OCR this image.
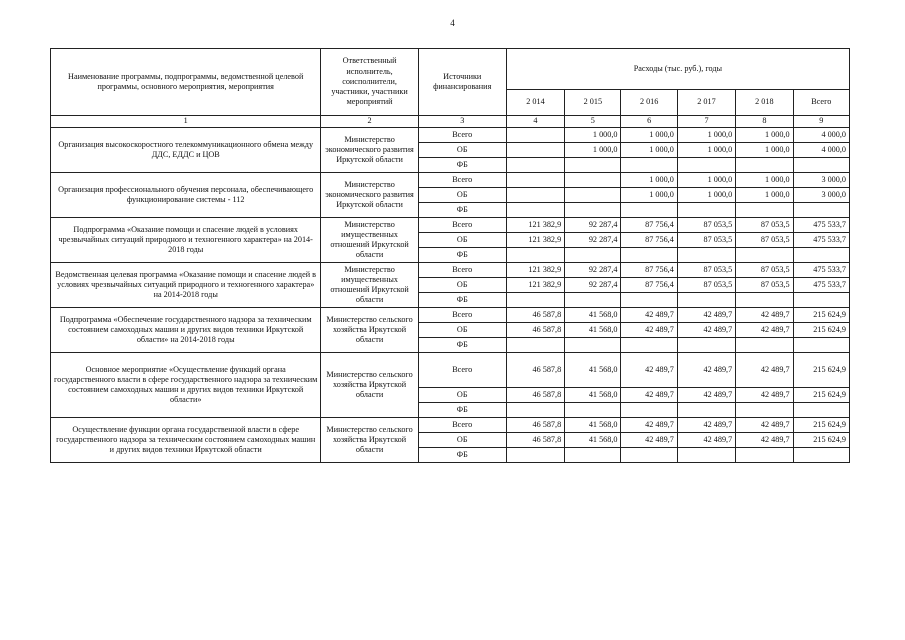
4
Наименование программы, подпрограммы, ведомственной целевой программы, основного мероприятия, мероприятия	Ответственный исполнитель, соисполнители, участники, участники мероприятий	Источники финансирования	Расходы (тыс. руб.), годы					
			2 014	2 015	2 016	2 017	2 018	Всего
1	2	3	4	5	6	7	8	9
Организация высокоскоростного телекоммуникационного обмена между ДДС, ЕДДС и ЦОВ	Министерство экономического развития Иркутской области	Всего		1 000,0	1 000,0	1 000,0	1 000,0	4 000,0
		ОБ		1 000,0	1 000,0	1 000,0	1 000,0	4 000,0
		ФБ						
Организация профессионального обучения персонала, обеспечивающего функционирование системы - 112	Министерство экономического развития Иркутской области	Всего			1 000,0	1 000,0	1 000,0	3 000,0
		ОБ			1 000,0	1 000,0	1 000,0	3 000,0
		ФБ						
Подпрограмма «Оказание помощи и спасение людей в условиях чрезвычайных ситуаций природного и техногенного характера» на 2014-2018 годы	Министерство имущественных отношений Иркутской области	Всего	121 382,9	92 287,4	87 756,4	87 053,5	87 053,5	475 533,7
		ОБ	121 382,9	92 287,4	87 756,4	87 053,5	87 053,5	475 533,7
		ФБ						
Ведомственная целевая программа «Оказание помощи и спасение людей в условиях чрезвычайных ситуаций природного и техногенного характера» на 2014-2018 годы	Министерство имущественных отношений Иркутской области	Всего	121 382,9	92 287,4	87 756,4	87 053,5	87 053,5	475 533,7
		ОБ	121 382,9	92 287,4	87 756,4	87 053,5	87 053,5	475 533,7
		ФБ						
Подпрограмма «Обеспечение государственного надзора за техническим состоянием самоходных машин и других видов техники Иркутской области» на 2014-2018 годы	Министерство сельского хозяйства Иркутской области	Всего	46 587,8	41 568,0	42 489,7	42 489,7	42 489,7	215 624,9
		ОБ	46 587,8	41 568,0	42 489,7	42 489,7	42 489,7	215 624,9
		ФБ						
Основное мероприятие «Осуществление функций органа государственного власти в сфере государственного надзора за техническим состоянием самоходных машин и других видов техники Иркутской области»	Министерство сельского хозяйства Иркутской области	Всего	46 587,8	41 568,0	42 489,7	42 489,7	42 489,7	215 624,9
		ОБ	46 587,8	41 568,0	42 489,7	42 489,7	42 489,7	215 624,9
		ФБ						
Осуществление функции органа государственной власти в сфере государственного надзора за техническим состоянием самоходных машин и других видов техники Иркутской области	Министерство сельского хозяйства Иркутской области	Всего	46 587,8	41 568,0	42 489,7	42 489,7	42 489,7	215 624,9
		ОБ	46 587,8	41 568,0	42 489,7	42 489,7	42 489,7	215 624,9
		ФБ						
